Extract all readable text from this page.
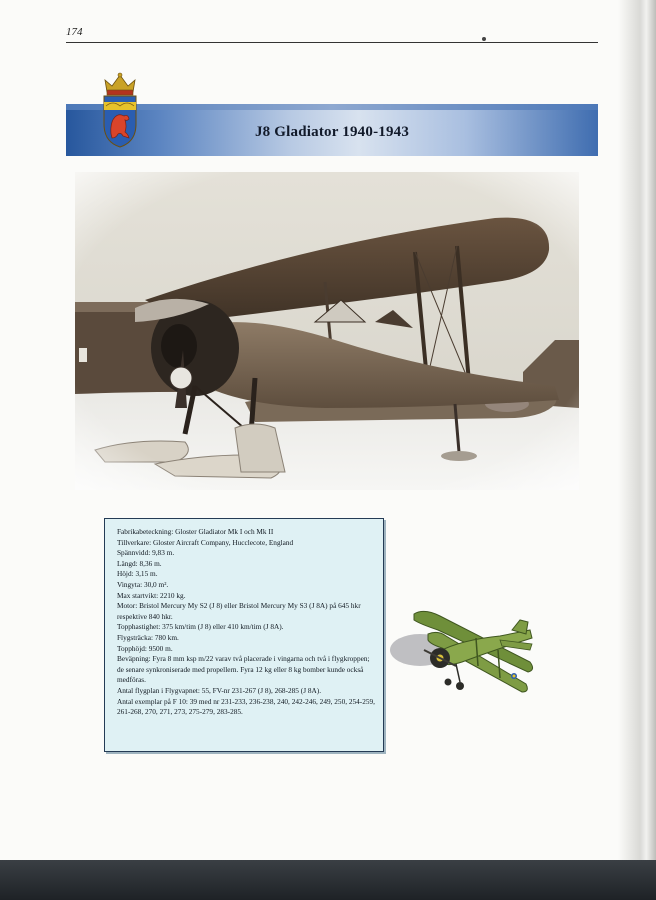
174
J8 Gladiator 1940-1943

Fabrikabeteckning: Gloster Gladiator Mk I och Mk II

Tillverkare: Gloster Aircraft Company, Hucclecote, England

Spännvidd: 9,83 m.

Längd: 8,36 m.

Höjd: 3,15 m.

Vingyta: 30,0 m².

Max startvikt: 2210 kg.

Motor: Bristol Mercury My S2 (J 8) eller Bristol Mercury My S3 (J 8A) på 645 hkr respektive 840 hkr.

Topphastighet: 375 km/tim (J 8) eller 410 km/tim (J 8A).

Flygsträcka: 780 km.

Topphöjd: 9500 m.

Beväpning: Fyra 8 mm ksp m/22 varav två placerade i vingarna och två i flygkroppen; de senare synkroniserade med propellern. Fyra 12 kg eller 8 kg bomber kunde också medföras.

Antal flygplan i Flygvapnet: 55, FV-nr 231-267 (J 8), 268-285 (J 8A).

Antal exemplar på F 10: 39 med nr 231-233, 236-238, 240, 242-246, 249, 250, 254-259, 261-268, 270, 271, 273, 275-279, 283-285.
